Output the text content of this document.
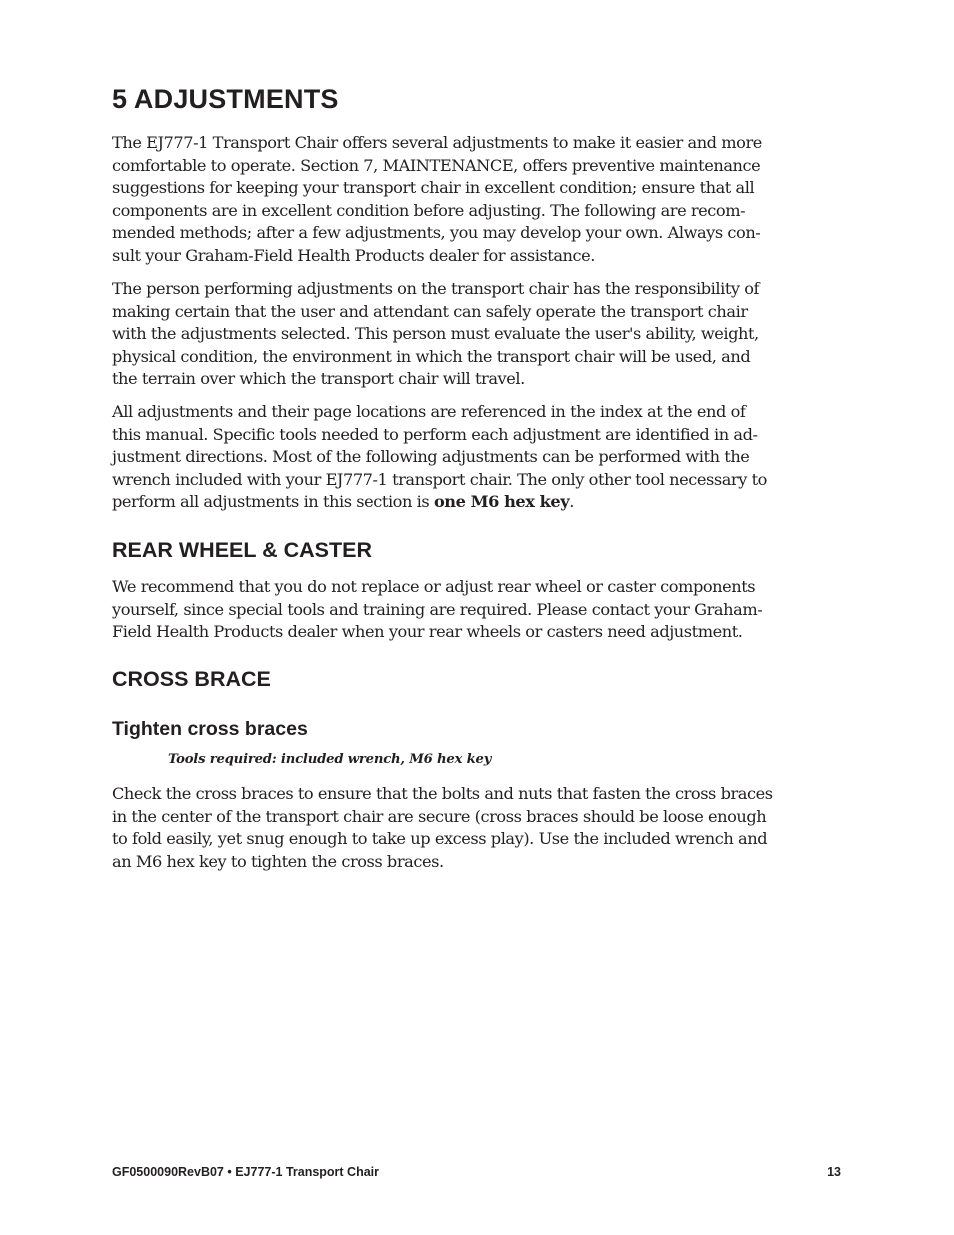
5 ADJUSTMENTS
The EJ777-1 Transport Chair offers several adjustments to make it easier and more
comfortable to operate. Section 7, MAINTENANCE, offers preventive maintenance
suggestions for keeping your transport chair in excellent condition; ensure that all
components are in excellent condition before adjusting. The following are recom-
mended methods; after a few adjustments, you may develop your own. Always con-
sult your Graham-Field Health Products dealer for assistance.
The person performing adjustments on the transport chair has the responsibility of
making certain that the user and attendant can safely operate the transport chair
with the adjustments selected. This person must evaluate the user's ability, weight,
physical condition, the environment in which the transport chair will be used, and
the terrain over which the transport chair will travel.
All adjustments and their page locations are referenced in the index at the end of
this manual. Specific tools needed to perform each adjustment are identified in ad-
justment directions. Most of the following adjustments can be performed with the
wrench included with your EJ777-1 transport chair. The only other tool necessary to
perform all adjustments in this section is one M6 hex key.
REAR WHEEL & CASTER
We recommend that you do not replace or adjust rear wheel or caster components
yourself, since special tools and training are required. Please contact your Graham-
Field Health Products dealer when your rear wheels or casters need adjustment.
CROSS BRACE
Tighten cross braces

Tools required: included wrench, M6 hex key

Check the cross braces to ensure that the bolts and nuts that fasten the cross braces
in the center of the transport chair are secure (cross braces should be loose enough
to fold easily, yet snug enough to take up excess play). Use the included wrench and
an M6 hex key to tighten the cross braces.
GF0500090RevB07 • EJ777-1 Transport Chair	13
